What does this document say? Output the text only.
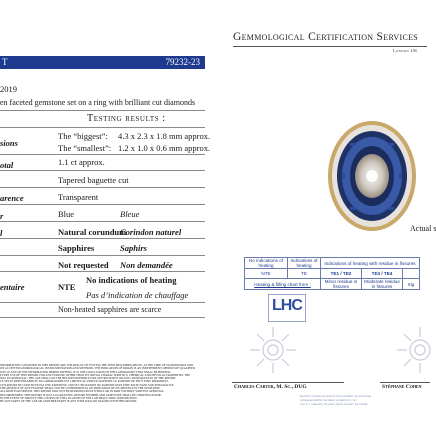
Gemmological Certification Services
London UK
T	79232-23
2019
en faceted gemstone set on a ring with brilliant cut diamonds
Testing results :
sions
The “biggest”: 4.3 x 2.3 x 1.8 mm approx.
The “smallest”: 1.2 x 1.0 x 0.6 mm approx.
otal	1.1 ct approx.
Tapered baguette cut
arence	Transparent
r	Blue	Bleue
l	Natural corundum
Corindon naturel
Sapphires	Saphirs
Not requested Non demandée
entaire	NTE
No indications of heating
Pas d’indication de chauffage
Non-heated sapphires are scarce
INFORMATION CONTAINED IN THIS REPORT ARE THE RESULT OF TESTING THE ITEM DESCRIBED ABOVE, AT THE TIME OF EXAMINATION AND
ON ACCEPTED GEMMOLOGICAL INSTRUMENTATION AND METHODS. THE INDICATION OF ORIGIN IS AN INDEPENDENT OPINION OF QUALIFIED
ISTS. IF ANY OF THE INFORMATION HEREIN DIFFERS, IT IS THE CONCLUSION OF THE LABORATORY THAT SHALL BE BINDING.
EVERY USE OF THIS REPORT FOR ANY PURPOSE OTHER THAN ITS INITIAL CHARACTERISTICS, CHEMICAL AND PHYSICAL PROPERTIES. THE
NOT AN APPRAISAL. THE LAB SHALL NOT BE HELD RESPONSIBLE FOR ANY RECIPIENT OR ANY CONSEQUENCES OF THE REPORT.
LE SEULE RESPONSABILITE DU LABORATOIRE EST LIMITEE AU PRIX DU RAPPORT. CE RAPPORT NE PEUT ETRE REPRODUIT.
CE RAPPORT NE CONSTITUE PAS UNE EXPERTISE. TOUTE UTILISATION DU RAPPORT DOIT ETRE FAITE DANS SON INTEGRALITE.
THE ABSENCE OF ANY FEATURE SHALL NOT BE CONSIDERED AS AN INDICATION OF ITS ABSENCE IN THE GEMSTONE.
ALL RIGHTS RESERVED. THIS REPORT MAY NOT BE REPRODUCED IN WHOLE OR IN PART WITHOUT WRITTEN APPROVAL.
RECOMMENDED: THIS REPORT IS NOT A GUARANTEE. REPORT NUMBER AND GEMSTONE SHALL BE VERIFIED ONLINE.
IN THE EVENT OF DISPUTE THE COURTS OF THE LOCATION OF THE LAB SHALL HAVE JURISDICTION.
BY ANY PARTY OF THE LAB OR ANOTHER PARTY IF ANY ITEM SOLD OR TRADED WITH THIS REPORT.
Actual s
No indications of heating	Indications of heating	Indications of heating with residue in fissures		
NTE	TE	TE1 / TE2	TE3 / TE4	
Heating & filling chart from :		Minor residue in fissures	Moderate residue in fissures	Sig
LHC
Charles Carter, M. Sc., DUG	Stéphane Cohen
Security features included in this document are holograms
watermark printing document authenticity copy
that is a composite, enclosed and/or security holograms
